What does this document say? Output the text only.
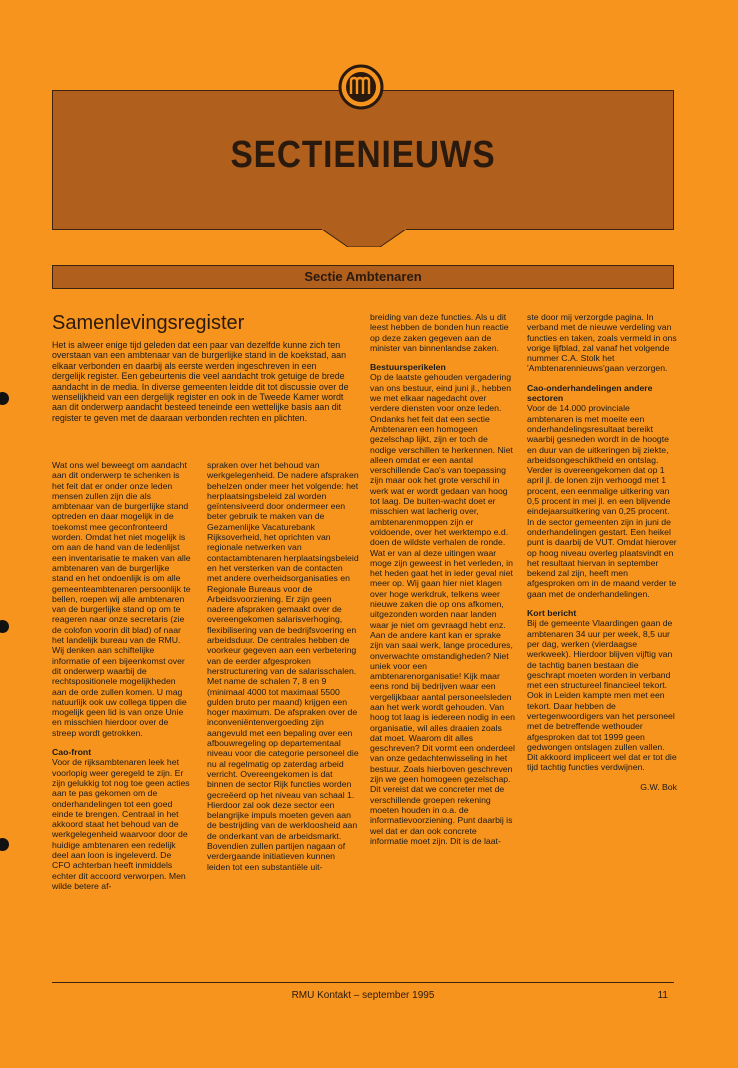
SECTIENIEUWS
Sectie Ambtenaren
Samenlevingsregister

Het is alweer enige tijd geleden dat een paar van dezelfde kunne zich ten overstaan van een ambtenaar van de burgerlijke stand in de koekstad, aan elkaar verbonden en daarbij als eerste werden ingeschreven in een dergelijk register. Een gebeurtenis die veel aandacht trok getuige de brede aandacht in de media. In diverse gemeenten leidde dit tot discussie over de wenselijkheid van een dergelijk register en ook in de Tweede Kamer wordt aan dit onderwerp aandacht besteed teneinde een wettelijke basis aan dit register te geven met de daaraan verbonden rechten en plichten.

Wat ons wel beweegt om aandacht aan dit onderwerp te schenken is het feit dat er onder onze leden mensen zullen zijn die als ambtenaar van de burgerlijke stand optreden en daar mogelijk in de toekomst mee geconfronteerd worden. Omdat het niet mogelijk is om aan de hand van de ledenlijst een inventarisatie te maken van alle ambtenaren van de burgerlijke stand en het ondoenlijk is om alle gemeenteambtenaren persoonlijk te bellen, roepen wij alle ambtenaren van de burgerlijke stand op om te reageren naar onze secretaris (zie de colofon voorin dit blad) of naar het landelijk bureau van de RMU. Wij denken aan schiftelijke informatie of een bijeenkomst over dit onderwerp waarbij de rechtspositionele mogelijkheden aan de orde zullen komen. U mag natuurlijk ook uw collega tippen die mogelijk geen lid is van onze Unie en misschien hierdoor over de streep wordt getrokken.

Cao-front

Voor de rijksambtenaren leek het voorlopig weer geregeld te zijn. Er zijn gelukkig tot nog toe geen acties aan te pas gekomen om de onderhandelingen tot een goed einde te brengen. Centraal in het akkoord staat het behoud van de werkgelegenheid waarvoor door de huidige ambtenaren een redelijk deel aan loon is ingeleverd. De CFO achterban heeft inmiddels echter dit accoord verworpen. Men wilde betere af-

spraken over het behoud van werkgelegenheid. De nadere afspraken behelzen onder meer het volgende: het herplaatsingsbeleid zal worden geïntensiveerd door ondermeer een beter gebruik te maken van de Gezamenlijke Vacaturebank Rijksoverheid, het oprichten van regionale netwerken van contactambtenaren herplaatsingsbeleid en het versterken van de contacten met andere overheidsorganisaties en Regionale Bureaus voor de Arbeidsvoorziening. Er zijn geen nadere afspraken gemaakt over de overeengekomen salarisverhoging, flexibilisering van de bedrijfsvoering en arbeidsduur. De centrales hebben de voorkeur gegeven aan een verbetering van de eerder afgesproken herstructurering van de salarisschalen. Met name de schalen 7, 8 en 9 (minimaal 4000 tot maximaal 5500 gulden bruto per maand) krijgen een hoger maximum. De afspraken over de inconveniëntenvergoeding zijn aangevuld met een bepaling over een afbouwregeling op departementaal niveau voor die categorie personeel die nu al regelmatig op zaterdag arbeid verricht. Overeengekomen is dat binnen de sector Rijk functies worden gecreëerd op het niveau van schaal 1. Hierdoor zal ook deze sector een belangrijke impuls moeten geven aan de bestrijding van de werkloosheid aan de onderkant van de arbeidsmarkt. Bovendien zullen partijen nagaan of verdergaande initiatieven kunnen leiden tot een substantiële uit-

breiding van deze functies. Als u dit leest hebben de bonden hun reactie op deze zaken gegeven aan de minister van binnenlandse zaken.

Bestuursperikelen

Op de laatste gehouden vergadering van ons bestuur, eind juni jl., hebben we met elkaar nagedacht over verdere diensten voor onze leden. Ondanks het feit dat een sectie Ambtenaren een homogeen gezelschap lijkt, zijn er toch de nodige verschillen te herkennen. Niet alleen omdat er een aantal verschillende Cao's van toepassing zijn maar ook het grote verschil in werk wat er wordt gedaan van hoog tot laag. De buiten-wacht doet er misschien wat lacherig over, ambtenarenmoppen zijn er voldoende, over het werktempo e.d. doen de wildste verhalen de ronde. Wat er van al deze uitingen waar moge zijn geweest in het verleden, in het heden gaat het in ieder geval niet meer op. Wij gaan hier niet klagen over hoge werkdruk, telkens weer nieuwe zaken die op ons afkomen, uitgezonden worden naar landen waar je niet om gevraagd hebt enz. Aan de andere kant kan er sprake zijn van saai werk, lange procedures, onverwachte omstandigheden? Niet uniek voor een ambtenarenorganisatie! Kijk maar eens rond bij bedrijven waar een vergelijkbaar aantal personeelsleden aan het werk wordt gehouden. Van hoog tot laag is iedereen nodig in een organisatie, wil alles draaien zoals dat moet. Waarom dit alles geschreven? Dit vormt een onderdeel van onze gedachtenwisseling in het bestuur. Zoals hierboven geschreven zijn we geen homogeen gezelschap. Dit vereist dat we concreter met de verschillende groepen rekening moeten houden in o.a. de informatievoorziening. Punt daarbij is wel dat er dan ook concrete informatie moet zijn. Dit is de laat-

ste door mij verzorgde pagina. In verband met de nieuwe verdeling van functies en taken, zoals vermeld in ons vorige lijfblad, zal vanaf het volgende nummer C.A. Stolk het 'Ambtenarennieuws'gaan verzorgen.

Cao-onderhandelingen andere sectoren

Voor de 14.000 provinciale ambtenaren is met moeite een onderhandelingsresultaat bereikt waarbij gesneden wordt in de hoogte en duur van de uitkeringen bij ziekte, arbeidsongeschiktheid en ontslag. Verder is overeengekomen dat op 1 april jl. de lonen zijn verhoogd met 1 procent, een eenmalige uitkering van 0,5 procent in mei jl. en een blijvende eindejaarsuitkering van 0,25 procent. In de sector gemeenten zijn in juni de onderhandelingen gestart. Een heikel punt is daarbij de VUT. Omdat hierover op hoog niveau overleg plaatsvindt en het resultaat hiervan in september bekend zal zijn, heeft men afgesproken om in de maand verder te gaan met de onderhandelingen.

Kort bericht

Bij de gemeente Vlaardingen gaan de ambtenaren 34 uur per week, 8,5 uur per dag, werken (vierdaagse werkweek). Hierdoor blijven vijftig van de tachtig banen bestaan die geschrapt moeten worden in verband met een structureel financieel tekort. Ook in Leiden kampte men met een tekort. Daar hebben de vertegenwoordigers van het personeel met de betreffende wethouder afgesproken dat tot 1999 geen gedwongen ontslagen zullen vallen. Dit akkoord impliceert wel dat er tot die tijd tachtig functies verdwijnen.

G.W. Bok
RMU Kontakt – september 1995	11
